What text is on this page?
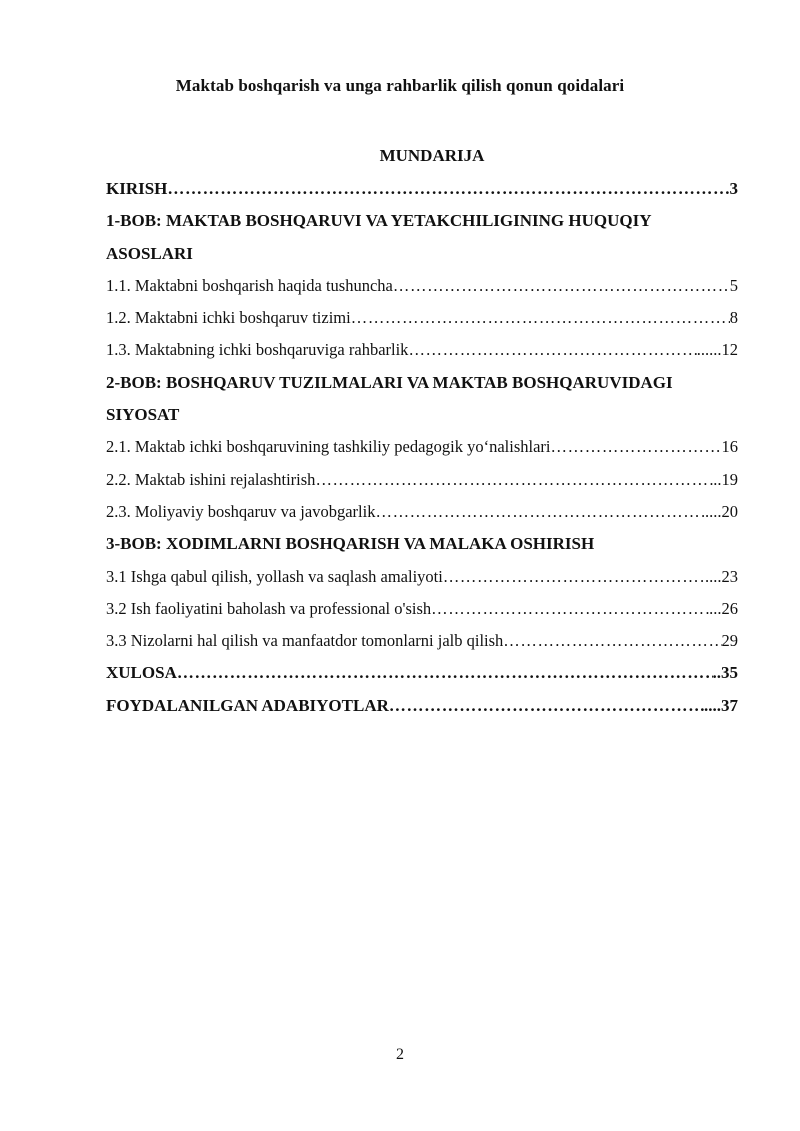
Maktab boshqarish va unga rahbarlik qilish qonun qoidalari
MUNDARIJA
KIRISH ……………………………………………………………………………………………………………………………………	.3
1-BOB: MAKTAB BOSHQARUVI VA YETAKCHILIGINING HUQUQIY
ASOSLARI
1.1. Maktabni boshqarish haqida tushuncha ……………………………………………………………………………………………………………………………………	5
1.2. Maktabni ichki boshqaruv tizimi ……………………………………………………………………………………………………………………………………	8
1.3. Maktabning ichki boshqaruviga rahbarlik ……………………………………………………………………………………………………………………………………	......12
2-BOB: BOSHQARUV TUZILMALARI VA MAKTAB BOSHQARUVIDAGI
SIYOSAT
2.1. Maktab ichki boshqaruvining tashkiliy pedagogik yo‘nalishlari ……………………………………………………………………………………………………………………………………	16
2.2. Maktab ishini rejalashtirish ……………………………………………………………………………………………………………………………………	..19
2.3. Moliyaviy boshqaruv va javobgarlik ……………………………………………………………………………………………………………………………………	....20
3-BOB: XODIMLARNI BOSHQARISH VA MALAKA OSHIRISH
3.1 Ishga qabul qilish, yollash va saqlash amaliyoti ……………………………………………………………………………………………………………………………………	....23
3.2 Ish faoliyatini baholash va professional o'sish ……………………………………………………………………………………………………………………………………	...26
3.3 Nizolarni hal qilish va manfaatdor tomonlarni jalb qilish ……………………………………………………………………………………………………………………………………	29
XULOSA ……………………………………………………………………………………………………………………………………	..35
FOYDALANILGAN ADABIYOTLAR ……………………………………………………………………………………………………………………………………	....37
2
